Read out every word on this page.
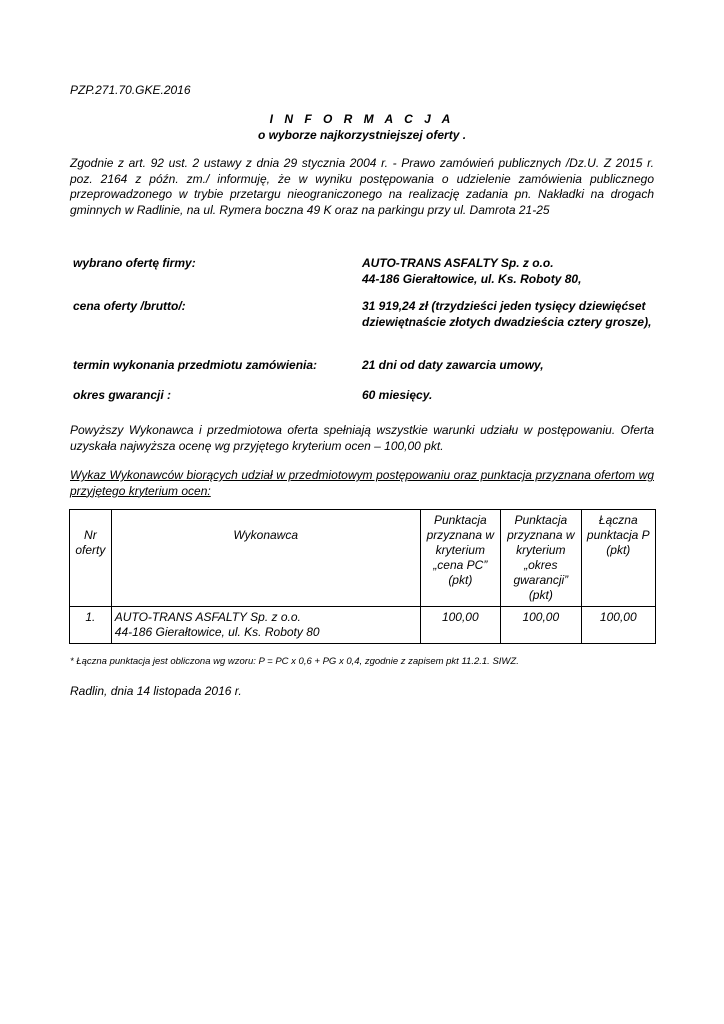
PZP.271.70.GKE.2016
I N F O R M A C J A
o wyborze najkorzystniejszej oferty .
Zgodnie z art. 92 ust. 2 ustawy z dnia 29 stycznia 2004 r. - Prawo zamówień publicznych /Dz.U. Z 2015 r. poz. 2164 z późn. zm./ informuję, że w wyniku postępowania o udzielenie zamówienia publicznego przeprowadzonego w trybie przetargu nieograniczonego na realizację zadania pn. Nakładki na drogach gminnych w Radlinie, na ul. Rymera boczna 49 K oraz na parkingu przy ul. Damrota 21-25
wybrano ofertę firmy:	AUTO-TRANS ASFALTY Sp. z o.o.
44-186 Gierałtowice, ul. Ks. Roboty 80,
cena oferty /brutto/:	31 919,24 zł (trzydzieści jeden tysięcy dziewięćset dziewiętnaście złotych dwadzieścia cztery grosze),
termin wykonania przedmiotu zamówienia:	21 dni od daty zawarcia umowy,
okres gwarancji :	60 miesięcy.
Powyższy Wykonawca i przedmiotowa oferta spełniają wszystkie warunki udziału w postępowaniu. Oferta uzyskała najwyższa ocenę wg przyjętego kryterium ocen – 100,00 pkt.
Wykaz Wykonawców biorących udział w przedmiotowym postępowaniu oraz punktacja przyznana ofertom wg przyjętego kryterium ocen:
Nr oferty	Wykonawca	Punktacja przyznana w kryterium „cena PC” (pkt)	Punktacja przyznana w kryterium „okres gwarancji” (pkt)	Łączna punktacja P (pkt)
1.	AUTO-TRANS ASFALTY Sp. z o.o.
44-186 Gierałtowice, ul. Ks. Roboty 80	100,00	100,00	100,00
* Łączna punktacja jest obliczona wg wzoru: P = PC x 0,6 + PG x 0,4, zgodnie z zapisem pkt 11.2.1. SIWZ.
Radlin, dnia 14 listopada 2016 r.
